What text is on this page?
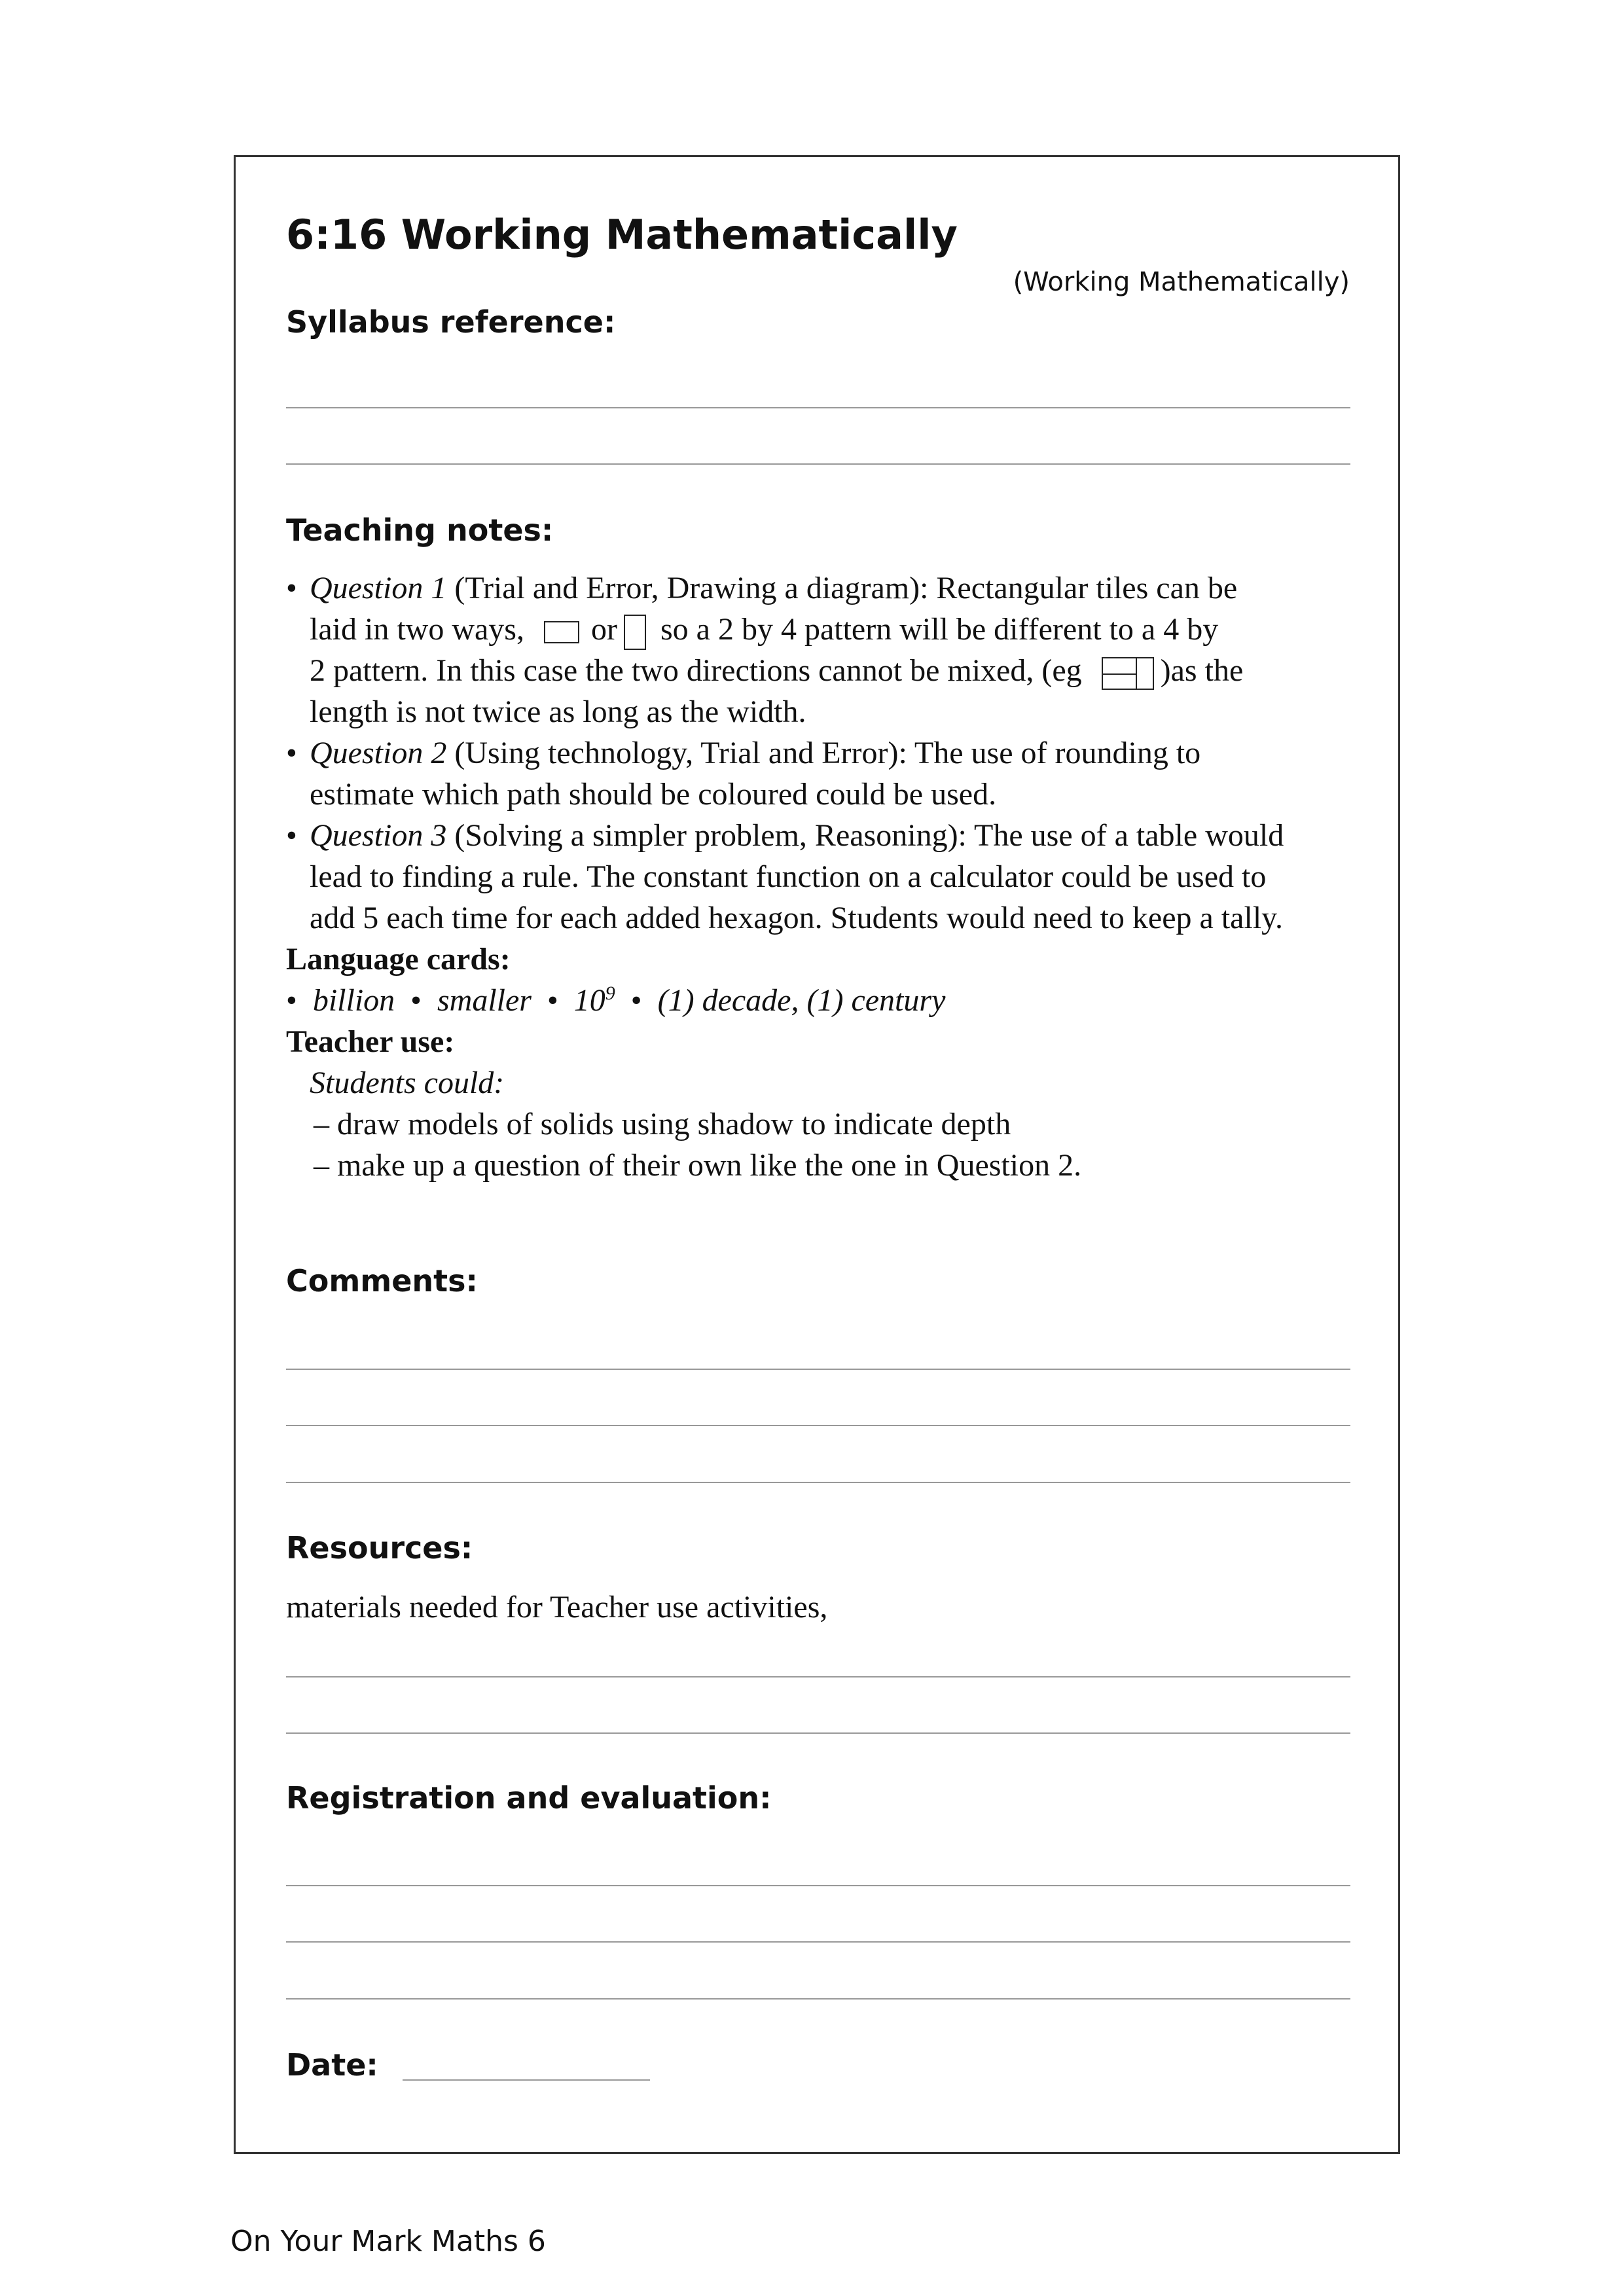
6:16 Working Mathematically
(Working Mathematically)
Syllabus reference:
Teaching notes:
• Question 1 (Trial and Error, Drawing a diagram): Rectangular tiles can be

laid in two ways, or so a 2 by 4 pattern will be different to a 4 by

2 pattern. In this case the two directions cannot be mixed, (eg	)as the

length is not twice as long as the width.

• Question 2 (Using technology, Trial and Error): The use of rounding to

estimate which path should be coloured could be used.

• Question 3 (Solving a simpler problem, Reasoning): The use of a table would

lead to finding a rule. The constant function on a calculator could be used to

add 5 each time for each added hexagon. Students would need to keep a tally.

Language cards:

• billion • smaller • $10^9$ • (1) decade, (1) century

Teacher use:

Students could:

– draw models of solids using shadow to indicate depth

– make up a question of their own like the one in Question 2.

Comments:
Resources:
materials needed for Teacher use activities,
Registration and evaluation:
Date:
On Your Mark Maths 6
